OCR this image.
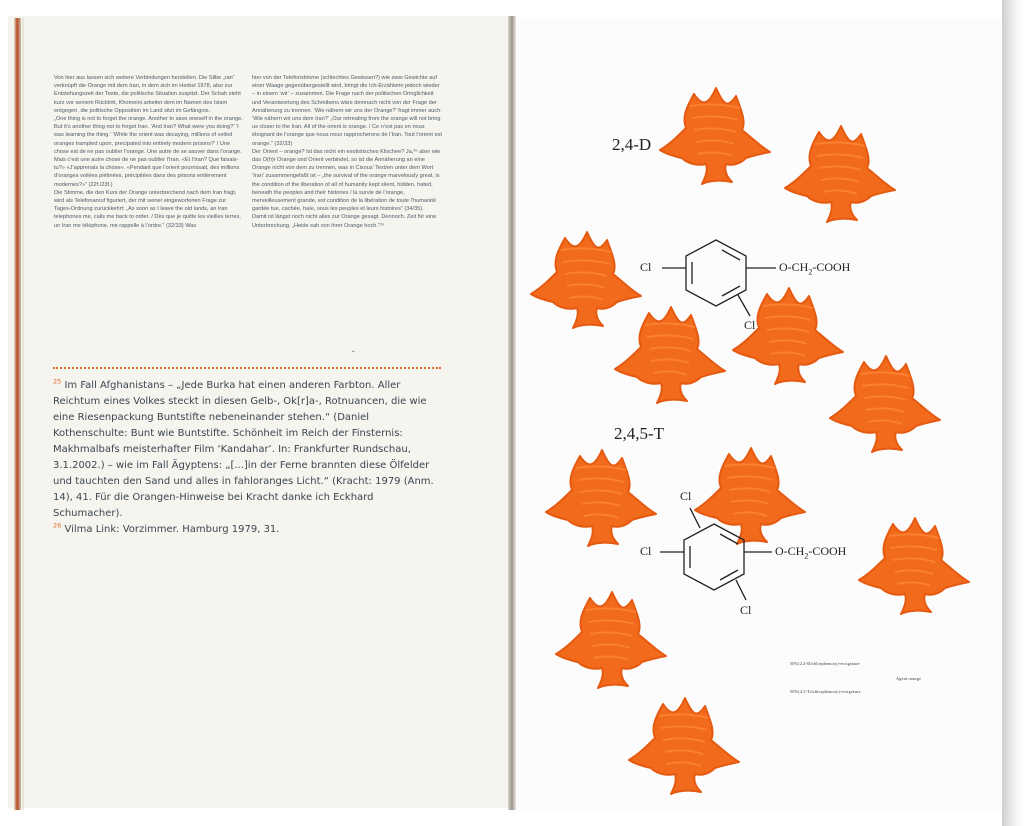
Von hier aus lassen sich weitere Verbindungen herstellen. Die Silbe „ran“ verknüpft die Orange mit dem Iran, in dem sich im Herbst 1978, also zur Entstehungszeit der Texte, die politische Situation zuspitzt. Der Schah steht kurz vor seinem Rücktritt, Khomeini arbeitet dem im Namen des Islam entgegen, die politische Opposition im Land sitzt im Gefängnis.

„One thing is not to forget the orange. Another to save oneself in the orange. But it’s another thing not to forget Iran. ‘And Iran? What were you doing?’ ‘I was learning the thing.’ ‘While the orient was decaying, millions of veiled oranges trampled upon, precipated into entirely modern prisons?’ / Une chose est de ne pas oublier l’orange. Une autre de se sauver dans l’orange. Mais c’est une autre chose de ne pas oublier l’Iran. «Et l’Iran? Que faisais-tu?» «J’apprenais la chose». «Pendant que l’orient pourrissait, des millions d’oranges voilées piétinées, précipitées dans des prisons entièrement modernes?»“ (22f./23f.)

Die Stimme, die den Kurs der Orange unterbrechend nach dem Iran fragt, wird als Telefonanruf figuriert, der mit seiner eingeworfenen Frage zur Tages-Ordnung zurückkehrt: „As soon as I leave the old lands, an Iran telephones me, calls me back to order. / Dès que je quitte les vieilles terres, un Iran me téléphone, me rappelle à l’ordre.“ (32/33) Was

hier von der Telefonstimme (schlechtes Gewissen?) wie zwei Gewichte auf einer Waage gegenübergestellt wird, bringt die Ich-Erzählerin jedoch wieder – in einem ‘wir’ – zusammen. Die Frage nach der politischen Dringlichkeit und Verantwortung des Schreibens wäre demnach nicht von der Frage der Annäherung zu trennen. ‘Wie nähern wir uns der Orange?’ fragt immer auch: ‘Wie nähern wir uns dem Iran?’ „Our retreating from the orange will not bring us closer to the Iran. All of the orient is orange. / Ce n’est pas en nous éloignant de l’orange que nous nous rapprocherons de l’Iran. Tout l’orient est orange.“ (32/33)

Der Orient – orange? Ist das nicht ein exotistisches Klischee? Ja,²⁵ aber wie das O(h)r Orange und Orient verbindet, so ist die Annäherung an eine Orange nicht von dem zu trennen, was in Cixous’ Text/en unter dem Wort ‘Iran’ zusammengefaßt ist – „the survival of the orange marvelously great, is the condition of the liberation of all of humanity kept silent, hidden, hated, beneath the peoples and their histories / la survie de l’orange, merveilleusement grande, est condition de la libération de toute l’humanité gardée tue, cachée, haïe, sous les peuples et leurs histoires“ (34/35).

Damit ist längst noch nicht alles zur Orange gesagt. Dennoch. Zeit für eine Unterbrechung. „Heide sah von ihrer Orange hoch.“²⁶

ˇ

$^{25}$ Im Fall Afghanistans – „Jede Burka hat einen anderen Farbton. Aller Reichtum eines Volkes steckt in diesen Gelb-, Ok[r]a-, Rotnuancen, die wie eine Riesenpackung Buntstifte nebeneinander stehen.“ (Daniel Kothenschulte: Bunt wie Buntstifte. Schönheit im Reich der Finsternis: Makhmalbafs meisterhafter Film ‘Kandahar’. In: Frankfurter Rundschau, 3.1.2002.) – wie im Fall Ägyptens: „[...]in der Ferne brannten diese Ölfelder und tauchten den Sand und alles in fahloranges Licht.“ (Kracht: 1979 (Anm. 14), 41. Für die Orangen-Hinweise bei Kracht danke ich Eckhard Schumacher).

$^{26}$ Vilma Link: Vorzimmer. Hamburg 1979, 31.

2,4-D
2,4,5-T
Cl
Cl
$O-CH_2$-COOH
Cl
Cl
Cl
$O-CH_2$-COOH
50%(2,4-Dichlorphenoxy)-essigsäure
Agent orange
50%(4,5-Trichlorphenoxy)-essigsäure
